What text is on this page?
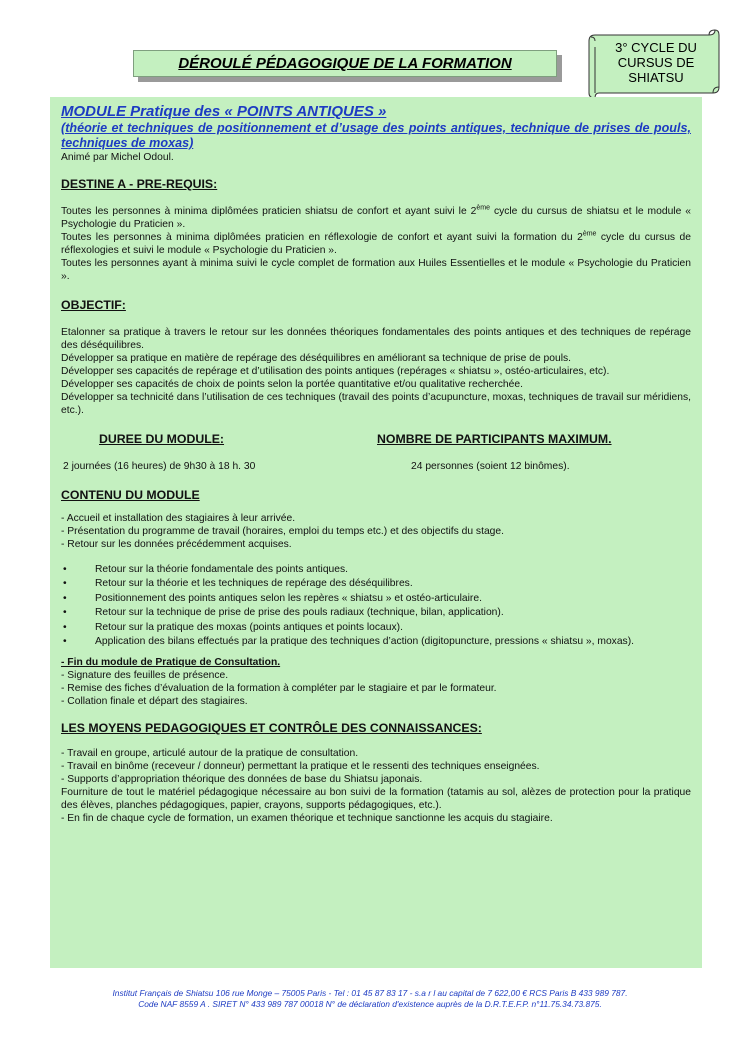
DÉROULÉ PÉDAGOGIQUE DE LA FORMATION
3° CYCLE DU
CURSUS DE
SHIATSU
MODULE Pratique des « POINTS ANTIQUES »
(théorie et techniques de positionnement et d’usage des points antiques, technique de prises de pouls, techniques de moxas)

Animé par Michel Odoul.

DESTINE A - PRE-REQUIS:

Toutes les personnes à minima diplômées praticien shiatsu de confort et ayant suivi le 2ème cycle du cursus de shiatsu et le module « Psychologie du Praticien ».

Toutes les personnes à minima diplômées praticien en réflexologie de confort et ayant suivi la formation du 2ème cycle du cursus de réflexologies et suivi le module « Psychologie du Praticien ».

Toutes les personnes ayant à minima suivi le cycle complet de formation aux Huiles Essentielles et le module « Psychologie du Praticien ».

OBJECTIF:

Etalonner sa pratique à travers le retour sur les données théoriques fondamentales des points antiques et des techniques de repérage des déséquilibres.

Développer sa pratique en matière de repérage des déséquilibres en améliorant sa technique de prise de pouls.

Développer ses capacités de repérage et d’utilisation des points antiques (repérages « shiatsu », ostéo-articulaires, etc).

Développer ses capacités de choix de points selon la portée quantitative et/ou qualitative recherchée.

Développer sa technicité dans l’utilisation de ces techniques (travail des points d’acupuncture, moxas, techniques de travail sur méridiens, etc.).

DUREE DU MODULE:
2 journées (16 heures) de 9h30 à 18 h. 30
NOMBRE DE PARTICIPANTS MAXIMUM.
24 personnes (soient 12 binômes).
CONTENU DU MODULE

- Accueil et installation des stagiaires à leur arrivée.

- Présentation du programme de travail (horaires, emploi du temps etc.) et des objectifs du stage.

- Retour sur les données précédemment acquises.

•	Retour sur la théorie fondamentale des points antiques.
•	Retour sur la théorie et les techniques de repérage des déséquilibres.
•	Positionnement des points antiques selon les repères « shiatsu » et ostéo-articulaire.
•	Retour sur la technique de prise de prise des pouls radiaux (technique, bilan, application).
•	Retour sur la pratique des moxas (points antiques et points locaux).
•	Application des bilans effectués par la pratique des techniques d’action (digitopuncture, pressions « shiatsu », moxas).
- Fin du module de Pratique de Consultation.

- Signature des feuilles de présence.

- Remise des fiches d’évaluation de la formation à compléter par le stagiaire et par le formateur.

- Collation finale et départ des stagiaires.

LES MOYENS PEDAGOGIQUES ET CONTRÔLE DES CONNAISSANCES:

- Travail en groupe, articulé autour de la pratique de consultation.

- Travail en binôme (receveur / donneur) permettant la pratique et le ressenti des techniques enseignées.

- Supports d’appropriation théorique des données de base du Shiatsu japonais.

Fourniture de tout le matériel pédagogique nécessaire au bon suivi de la formation (tatamis au sol, alèzes de protection pour la pratique des élèves, planches pédagogiques, papier, crayons, supports pédagogiques, etc.).

- En fin de chaque cycle de formation, un examen théorique et technique sanctionne les acquis du stagiaire.

Institut Français de Shiatsu 106 rue Monge – 75005 Paris - Tel : 01 45 87 83 17 - s.a r l au capital de 7 622,00 € RCS Paris B 433 989 787.
Code NAF 8559 A . SIRET N° 433 989 787 00018 N° de déclaration d'existence auprès de la D.R.T.E.F.P. n°11.75.34.73.875.
